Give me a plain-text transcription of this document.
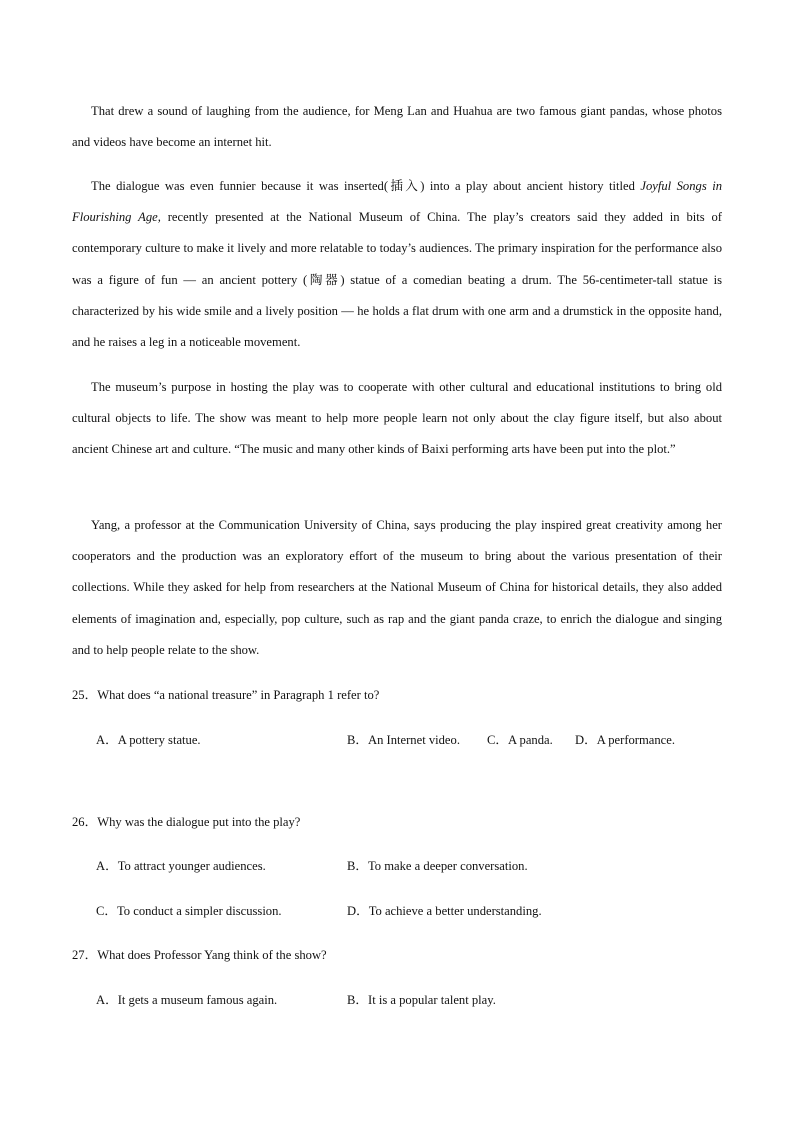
That drew a sound of laughing from the audience, for Meng Lan and Huahua are two famous giant pandas, whose photos and videos have become an internet hit.

The dialogue was even funnier because it was inserted(插入) into a play about ancient history titled Joyful Songs in Flourishing Age, recently presented at the National Museum of China. The play’s creators said they added in bits of contemporary culture to make it lively and more relatable to today’s audiences. The primary inspiration for the performance also was a figure of fun — an ancient pottery (陶器) statue of a comedian beating a drum. The 56-centimeter-tall statue is characterized by his wide smile and a lively position — he holds a flat drum with one arm and a drumstick in the opposite hand, and he raises a leg in a noticeable movement.

The museum’s purpose in hosting the play was to cooperate with other cultural and educational institutions to bring old cultural objects to life. The show was meant to help more people learn not only about the clay figure itself, but also about ancient Chinese art and culture. “The music and many other kinds of Baixi performing arts have been put into the plot.”

Yang, a professor at the Communication University of China, says producing the play inspired great creativity among her cooperators and the production was an exploratory effort of the museum to bring about the various presentation of their collections. While they asked for help from researchers at the National Museum of China for historical details, they also added elements of imagination and, especially, pop culture, such as rap and the giant panda craze, to enrich the dialogue and singing and to help people relate to the show.

25．What does “a national treasure” in Paragraph 1 refer to?

A．A pottery statue.	B．An Internet video. C．A panda. D．A performance.

26．Why was the dialogue put into the play?

A．To attract younger audiences.	B．To make a deeper conversation.

C．To conduct a simpler discussion.	D．To achieve a better understanding.

27．What does Professor Yang think of the show?

A．It gets a museum famous again.	B．It is a popular talent play.
